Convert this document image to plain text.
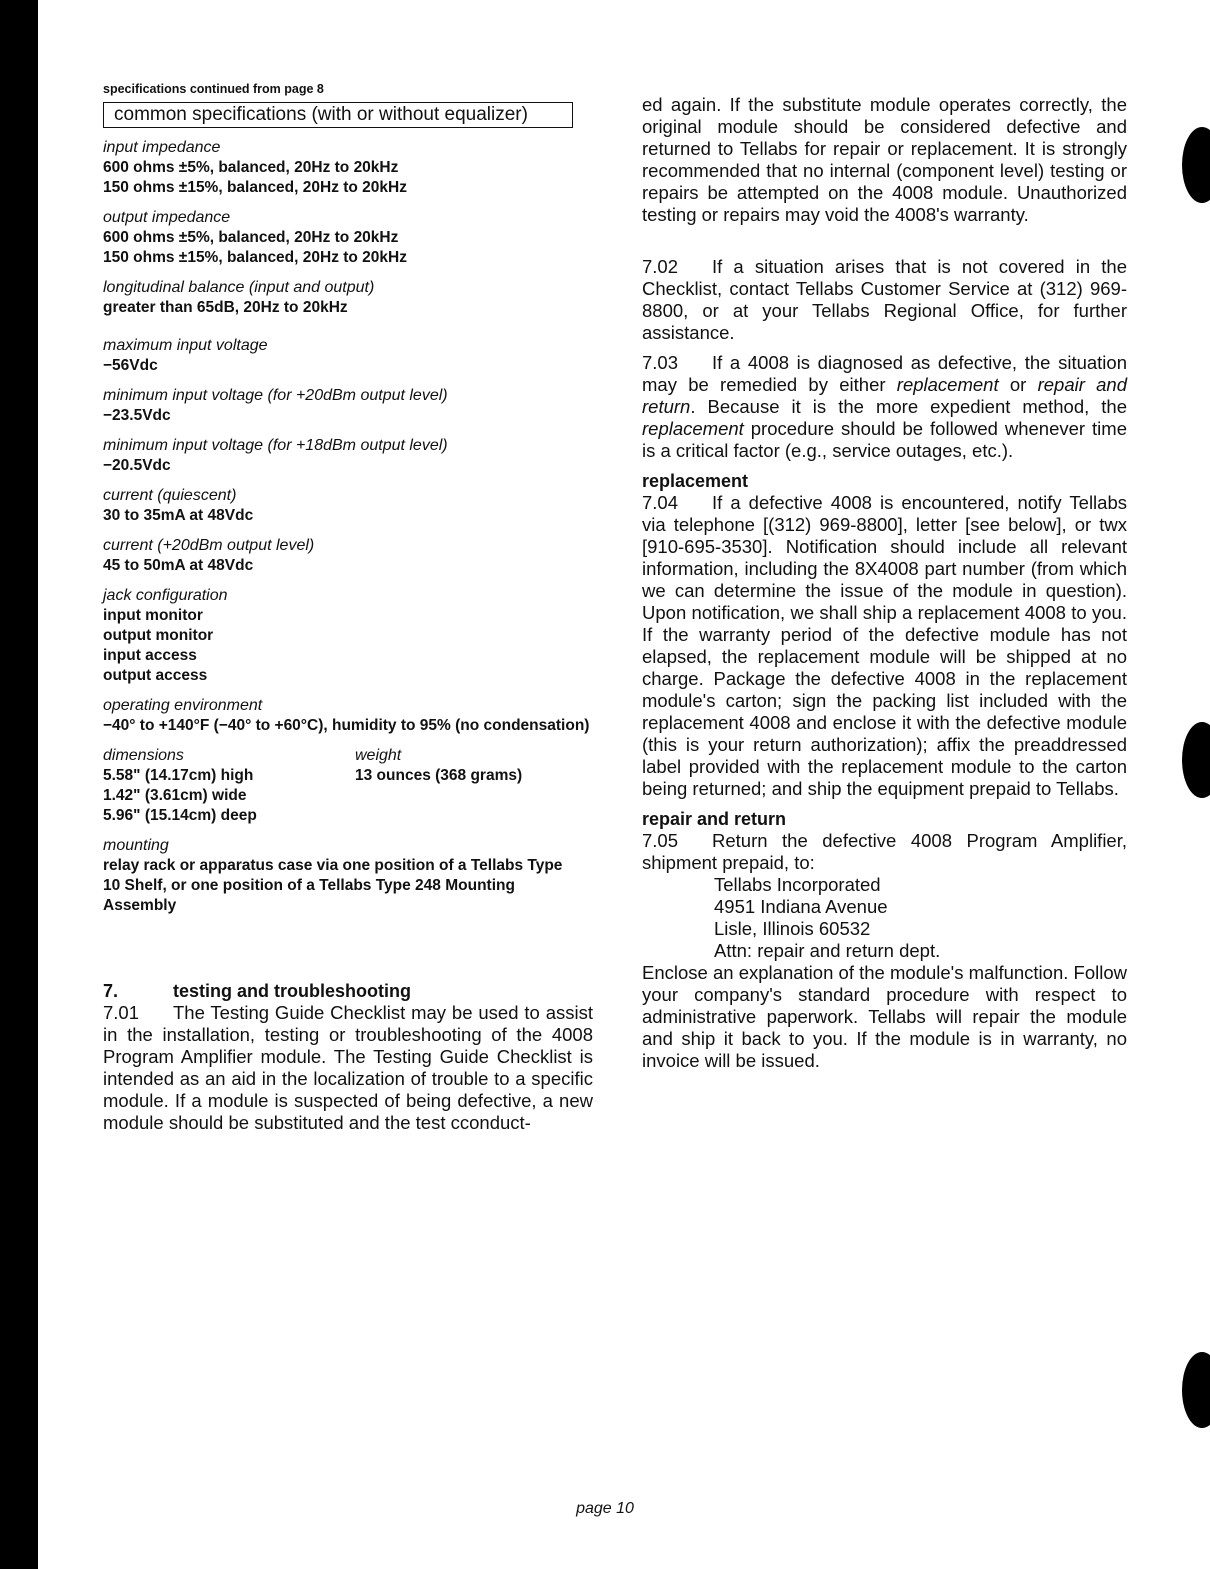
specifications continued from page 8
common specifications (with or without equalizer)
input impedance
600 ohms ±5%, balanced, 20Hz to 20kHz
150 ohms ±15%, balanced, 20Hz to 20kHz
output impedance
600 ohms ±5%, balanced, 20Hz to 20kHz
150 ohms ±15%, balanced, 20Hz to 20kHz
longitudinal balance (input and output)
greater than 65dB, 20Hz to 20kHz
maximum input voltage
−56Vdc
minimum input voltage (for +20dBm output level)
−23.5Vdc
minimum input voltage (for +18dBm output level)
−20.5Vdc
current (quiescent)
30 to 35mA at 48Vdc
current (+20dBm output level)
45 to 50mA at 48Vdc
jack configuration
input monitor
output monitor
input access
output access
operating environment
−40° to +140°F (−40° to +60°C), humidity to 95% (no condensation)
dimensions
5.58" (14.17cm) high
1.42" (3.61cm) wide
5.96" (15.14cm) deep
weight
13 ounces (368 grams)
mounting
relay rack or apparatus case via one position of a Tellabs Type 10 Shelf, or one position of a Tellabs Type 248 Mounting Assembly
7.	testing and troubleshooting

7.01 The Testing Guide Checklist may be used to assist in the installation, testing or troubleshooting of the 4008 Program Amplifier module. The Testing Guide Checklist is intended as an aid in the localization of trouble to a specific module. If a module is suspected of being defective, a new module should be substituted and the test cconduct-

ed again. If the substitute module operates correctly, the original module should be considered defective and returned to Tellabs for repair or replacement. It is strongly recommended that no internal (component level) testing or repairs be attempted on the 4008 module. Unauthorized testing or repairs may void the 4008's warranty.

7.02 If a situation arises that is not covered in the Checklist, contact Tellabs Customer Service at (312) 969-8800, or at your Tellabs Regional Office, for further assistance.

7.03 If a 4008 is diagnosed as defective, the situation may be remedied by either replacement or repair and return. Because it is the more expedient method, the replacement procedure should be followed whenever time is a critical factor (e.g., service outages, etc.).

replacement

7.04 If a defective 4008 is encountered, notify Tellabs via telephone [(312) 969-8800], letter [see below], or twx [910-695-3530]. Notification should include all relevant information, including the 8X4008 part number (from which we can determine the issue of the module in question). Upon notification, we shall ship a replacement 4008 to you. If the warranty period of the defective module has not elapsed, the replacement module will be shipped at no charge. Package the defective 4008 in the replacement module's carton; sign the packing list included with the replacement 4008 and enclose it with the defective module (this is your return authorization); affix the preaddressed label provided with the replacement module to the carton being returned; and ship the equipment prepaid to Tellabs.

repair and return

7.05 Return the defective 4008 Program Amplifier, shipment prepaid, to:

Tellabs Incorporated
4951 Indiana Avenue
Lisle, Illinois 60532
Attn: repair and return dept.

Enclose an explanation of the module's malfunction. Follow your company's standard procedure with respect to administrative paperwork. Tellabs will repair the module and ship it back to you. If the module is in warranty, no invoice will be issued.

page 10
